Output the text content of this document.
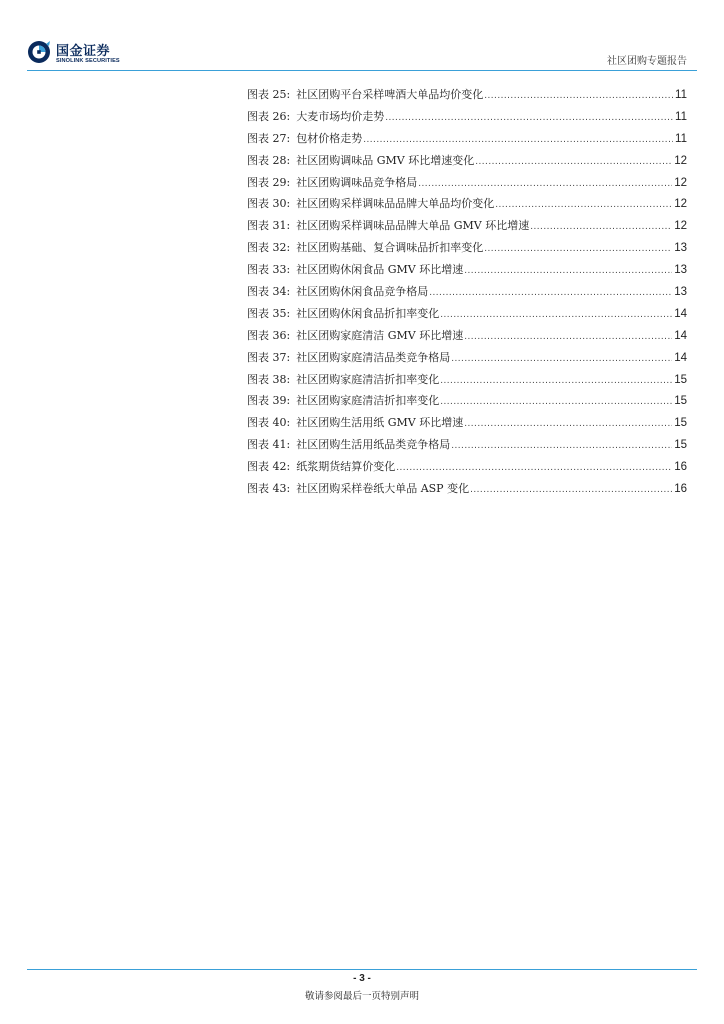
国金证券
SINOLINK SECURITIES	社区团购专题报告
图表 25: 社区团购平台采样啤酒大单品均价变化 .....	11
图表 26: 大麦市场均价走势 .....	11
图表 27: 包材价格走势 .....	11
图表 28: 社区团购调味品 GMV 环比增速变化 .....	12
图表 29: 社区团购调味品竞争格局 .....	12
图表 30: 社区团购采样调味品品牌大单品均价变化 .....	12
图表 31: 社区团购采样调味品品牌大单品 GMV 环比增速 .....	12
图表 32: 社区团购基础、复合调味品折扣率变化 .....	13
图表 33: 社区团购休闲食品 GMV 环比增速 .....	13
图表 34: 社区团购休闲食品竞争格局 .....	13
图表 35: 社区团购休闲食品折扣率变化 .....	14
图表 36: 社区团购家庭清洁 GMV 环比增速 .....	14
图表 37: 社区团购家庭清洁品类竞争格局 .....	14
图表 38: 社区团购家庭清洁折扣率变化 .....	15
图表 39: 社区团购家庭清洁折扣率变化 .....	15
图表 40: 社区团购生活用纸 GMV 环比增速 .....	15
图表 41: 社区团购生活用纸品类竞争格局 .....	15
图表 42: 纸浆期货结算价变化 .....	16
图表 43: 社区团购采样卷纸大单品 ASP 变化 .....	16
- 3 -
敬请参阅最后一页特别声明
